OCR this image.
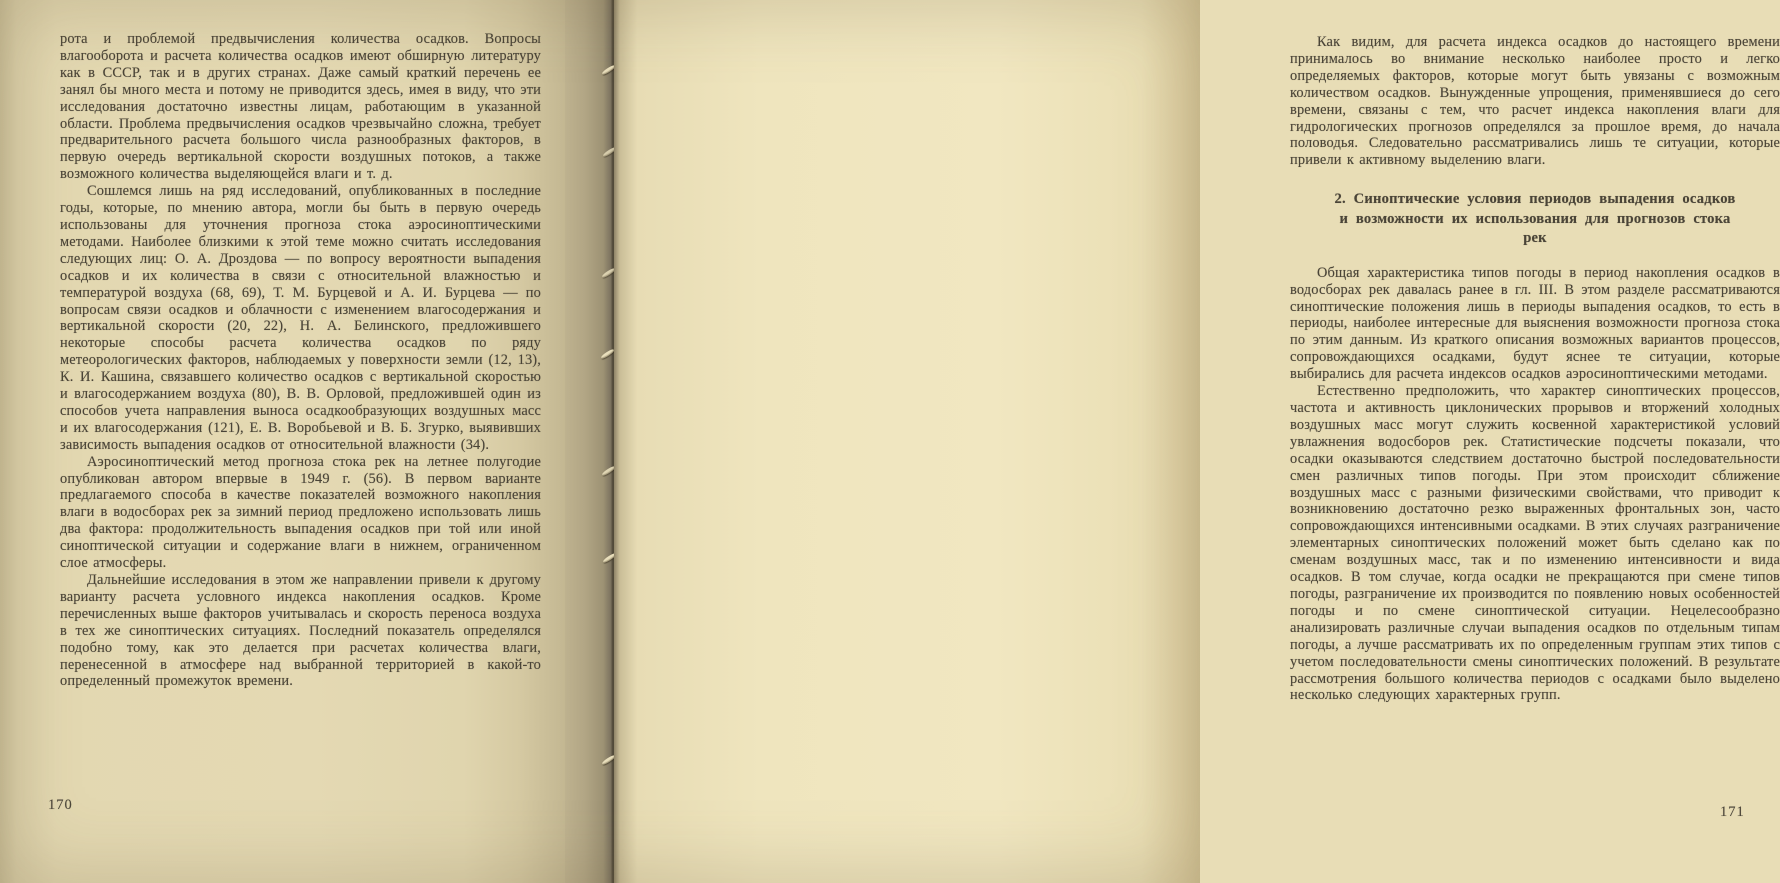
рота и проблемой предвычисления количества осадков. Вопросы влагооборота и расчета количества осадков имеют обширную литературу как в СССР, так и в других странах. Даже самый краткий перечень ее занял бы много места и потому не приводится здесь, имея в виду, что эти исследования достаточно известны лицам, работающим в указанной области. Проблема предвычисления осадков чрезвычайно сложна, требует предварительного расчета большого числа разнообразных факторов, в первую очередь вертикальной скорости воздушных потоков, а также возможного количества выделяющейся влаги и т. д.

Сошлемся лишь на ряд исследований, опубликованных в последние годы, которые, по мнению автора, могли бы быть в первую очередь использованы для уточнения прогноза стока аэросиноптическими методами. Наиболее близкими к этой теме можно считать исследования следующих лиц: О. А. Дроздова — по вопросу вероятности выпадения осадков и их количества в связи с относительной влажностью и температурой воздуха (68, 69), Т. М. Бурцевой и А. И. Бурцева — по вопросам связи осадков и облачности с изменением влагосодержания и вертикальной скорости (20, 22), Н. А. Белинского, предложившего некоторые способы расчета количества осадков по ряду метеорологических факторов, наблюдаемых у поверхности земли (12, 13), К. И. Кашина, связавшего количество осадков с вертикальной скоростью и влагосодержанием воздуха (80), В. В. Орловой, предложившей один из способов учета направления выноса осадкообразующих воздушных масс и их влагосодержания (121), Е. В. Воробьевой и В. Б. Згурко, выявивших зависимость выпадения осадков от относительной влажности (34).

Аэросиноптический метод прогноза стока рек на летнее полугодие опубликован автором впервые в 1949 г. (56). В первом варианте предлагаемого способа в качестве показателей возможного накопления влаги в водосборах рек за зимний период предложено использовать лишь два фактора: продолжительность выпадения осадков при той или иной синоптической ситуации и содержание влаги в нижнем, ограниченном слое атмосферы.

Дальнейшие исследования в этом же направлении привели к другому варианту расчета условного индекса накопления осадков. Кроме перечисленных выше факторов учитывалась и скорость переноса воздуха в тех же синоптических ситуациях. Последний показатель определялся подобно тому, как это делается при расчетах количества влаги, перенесенной в атмосфере над выбранной территорией в какой-то определенный промежуток времени.

170

Как видим, для расчета индекса осадков до настоящего времени принималось во внимание несколько наиболее просто и легко определяемых факторов, которые могут быть увязаны с возможным количеством осадков. Вынужденные упрощения, применявшиеся до сего времени, связаны с тем, что расчет индекса накопления влаги для гидрологических прогнозов определялся за прошлое время, до начала половодья. Следовательно рассматривались лишь те ситуации, которые привели к активному выделению влаги.

2. Синоптические условия периодов выпадения осадков и возможности их использования для прогнозов стока рек

Общая характеристика типов погоды в период накопления осадков в водосборах рек давалась ранее в гл. III. В этом разделе рассматриваются синоптические положения лишь в периоды выпадения осадков, то есть в периоды, наиболее интересные для выяснения возможности прогноза стока по этим данным. Из краткого описания возможных вариантов процессов, сопровождающихся осадками, будут яснее те ситуации, которые выбирались для расчета индексов осадков аэросиноптическими методами.

Естественно предположить, что характер синоптических процессов, частота и активность циклонических прорывов и вторжений холодных воздушных масс могут служить косвенной характеристикой условий увлажнения водосборов рек. Статистические подсчеты показали, что осадки оказываются следствием достаточно быстрой последовательности смен различных типов погоды. При этом происходит сближение воздушных масс с разными физическими свойствами, что приводит к возникновению достаточно резко выраженных фронтальных зон, часто сопровождающихся интенсивными осадками. В этих случаях разграничение элементарных синоптических положений может быть сделано как по сменам воздушных масс, так и по изменению интенсивности и вида осадков. В том случае, когда осадки не прекращаются при смене типов погоды, разграничение их производится по появлению новых особенностей погоды и по смене синоптической ситуации. Нецелесообразно анализировать различные случаи выпадения осадков по отдельным типам погоды, а лучше рассматривать их по определенным группам этих типов с учетом последовательности смены синоптических положений. В результате рассмотрения большого количества периодов с осадками было выделено несколько следующих характерных групп.

171
